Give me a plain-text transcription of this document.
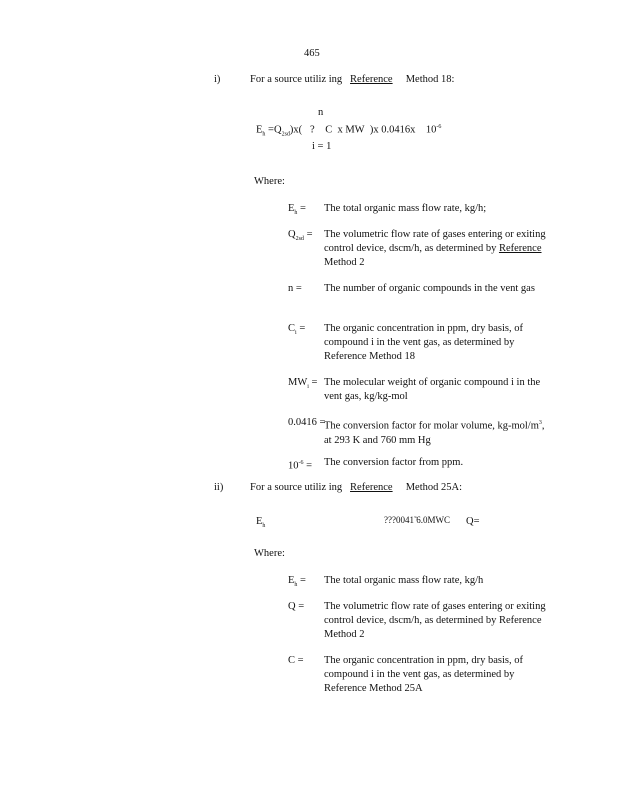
465
i)	For a source utiliz ing Reference Method 18:
n
$E_h =Q_{2sd})x$( ? C x MW )x 0.0416x $10^{-6}$
i = 1
Where:
$E_h$ = The total organic mass flow rate, kg/h;
$Q_{2sd}$ = The volumetric flow rate of gases entering or exiting control device, dscm/h, as determined by Reference   Method 2
n = The number of organic compounds in the vent gas
$C_i$ = The organic concentration in ppm, dry basis, of compound i in the vent gas, as determined by Reference Method 18
$MW_i$ = The molecular weight of organic compound i in the vent gas, kg/kg-mol
0.0416 =
The conversion factor for molar volume, $kg-mol/m^3$, at 293 K and 760 mm Hg
$10^{-6}$ = The conversion factor from ppm.
ii)	For a source utiliz ing Reference Method 25A:
$E_h$
???0041̃ 6.0MWC Q=
Where:
$E_h$ = The total organic mass flow rate, kg/h
Q = The volumetric flow rate of gases entering or exiting control device, dscm/h, as determined by Reference Method 2
C = The organic concentration in ppm, dry basis, of compound i in the vent gas, as determined by Reference Method 25A
